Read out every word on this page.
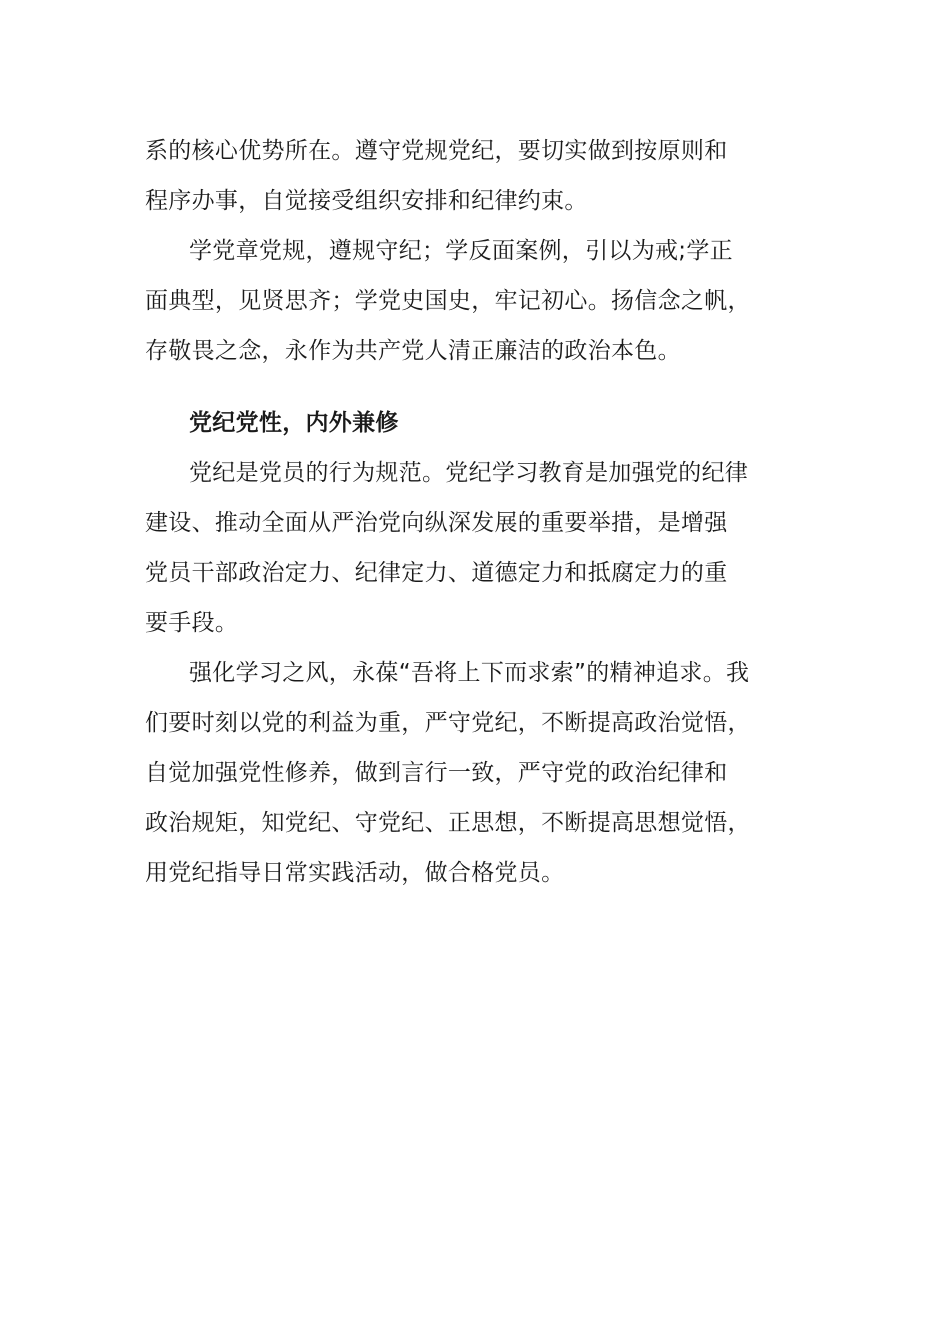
系的核心优势所在。遵守党规党纪，要切实做到按原则和
程序办事，自觉接受组织安排和纪律约束。
学党章党规，遵规守纪；学反面案例，引以为戒;学正
面典型，见贤思齐；学党史国史，牢记初心。扬信念之帆，
存敬畏之念，永作为共产党人清正廉洁的政治本色。
党纪党性，内外兼修
党纪是党员的行为规范。党纪学习教育是加强党的纪律
建设、推动全面从严治党向纵深发展的重要举措，是增强
党员干部政治定力、纪律定力、道德定力和抵腐定力的重
要手段。
强化学习之风，永葆“吾将上下而求索”的精神追求。我
们要时刻以党的利益为重，严守党纪，不断提高政治觉悟，
自觉加强党性修养，做到言行一致，严守党的政治纪律和
政治规矩，知党纪、守党纪、正思想，不断提高思想觉悟，
用党纪指导日常实践活动，做合格党员。
